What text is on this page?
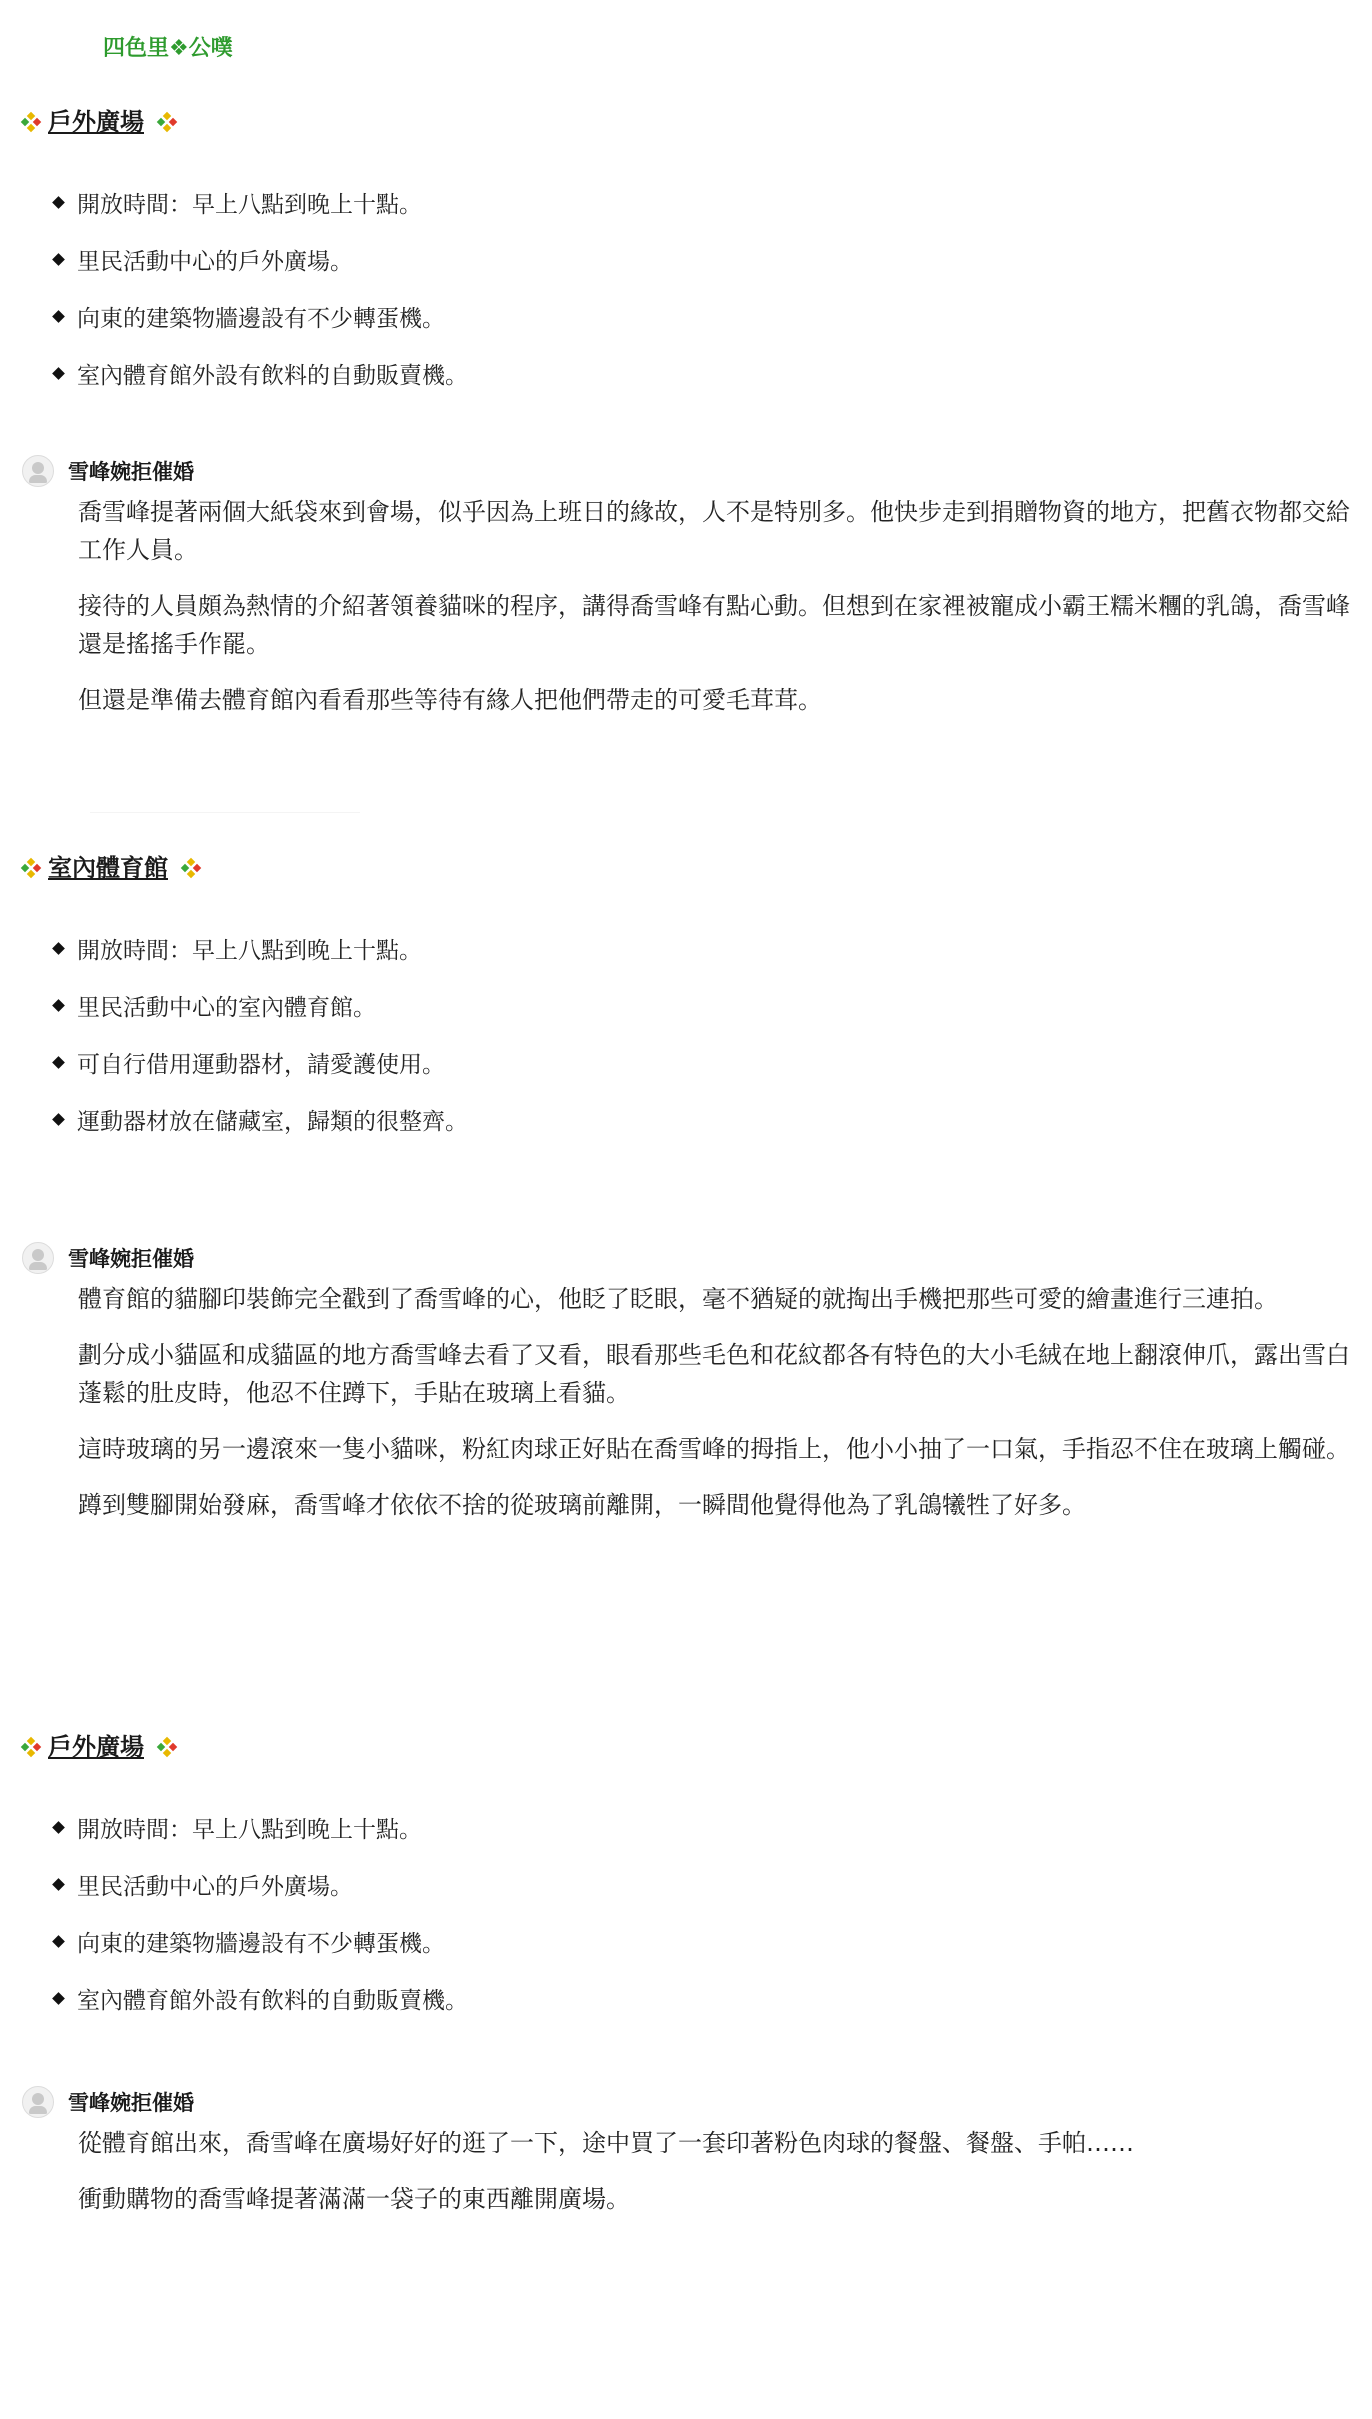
四色里❖公噗
戶外廣場
開放時間：早上八點到晚上十點。
里民活動中心的戶外廣場。
向東的建築物牆邊設有不少轉蛋機。
室內體育館外設有飲料的自動販賣機。
雪峰婉拒催婚

喬雪峰提著兩個大紙袋來到會場，似乎因為上班日的緣故，人不是特別多。他快步走到捐贈物資的地方，把舊衣物都交給工作人員。

接待的人員頗為熱情的介紹著領養貓咪的程序，講得喬雪峰有點心動。但想到在家裡被寵成小霸王糯米糰的乳鴿，喬雪峰還是搖搖手作罷。

但還是準備去體育館內看看那些等待有緣人把他們帶走的可愛毛茸茸。

室內體育館
開放時間：早上八點到晚上十點。
里民活動中心的室內體育館。
可自行借用運動器材，請愛護使用。
運動器材放在儲藏室，歸類的很整齊。
雪峰婉拒催婚

體育館的貓腳印裝飾完全戳到了喬雪峰的心，他眨了眨眼，毫不猶疑的就掏出手機把那些可愛的繪畫進行三連拍。

劃分成小貓區和成貓區的地方喬雪峰去看了又看，眼看那些毛色和花紋都各有特色的大小毛絨在地上翻滾伸爪，露出雪白蓬鬆的肚皮時，他忍不住蹲下，手貼在玻璃上看貓。

這時玻璃的另一邊滾來一隻小貓咪，粉紅肉球正好貼在喬雪峰的拇指上，他小小抽了一口氣，手指忍不住在玻璃上觸碰。

蹲到雙腳開始發麻，喬雪峰才依依不捨的從玻璃前離開，一瞬間他覺得他為了乳鴿犧牲了好多。

戶外廣場
開放時間：早上八點到晚上十點。
里民活動中心的戶外廣場。
向東的建築物牆邊設有不少轉蛋機。
室內體育館外設有飲料的自動販賣機。
雪峰婉拒催婚

從體育館出來，喬雪峰在廣場好好的逛了一下，途中買了一套印著粉色肉球的餐盤、餐盤、手帕……

衝動購物的喬雪峰提著滿滿一袋子的東西離開廣場。
